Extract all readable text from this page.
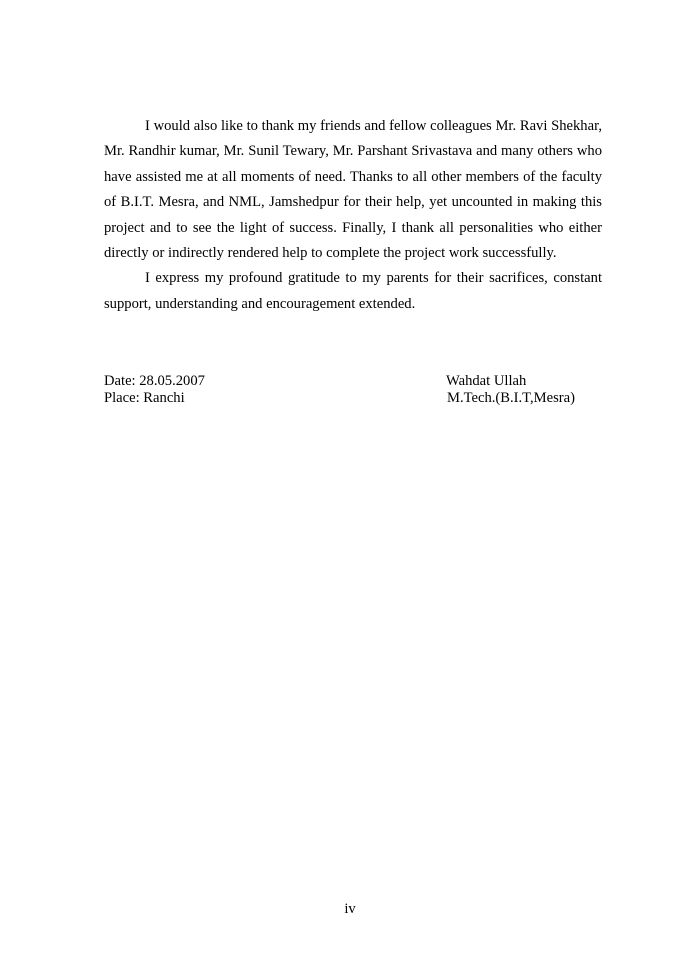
I would also like to thank my friends and fellow colleagues Mr. Ravi Shekhar, Mr. Randhir kumar, Mr. Sunil Tewary, Mr. Parshant Srivastava and many others who have assisted me at all moments of need. Thanks to all other members of the faculty of B.I.T. Mesra, and NML, Jamshedpur for their help, yet uncounted in making this project and to see the light of success. Finally, I thank all personalities who either directly or indirectly rendered help to complete the project work successfully.

I express my profound gratitude to my parents for their sacrifices, constant support, understanding and encouragement extended.

Date: 28.05.2007
Place: Ranchi
Wahdat Ullah
M.Tech.(B.I.T,Mesra)
iv
